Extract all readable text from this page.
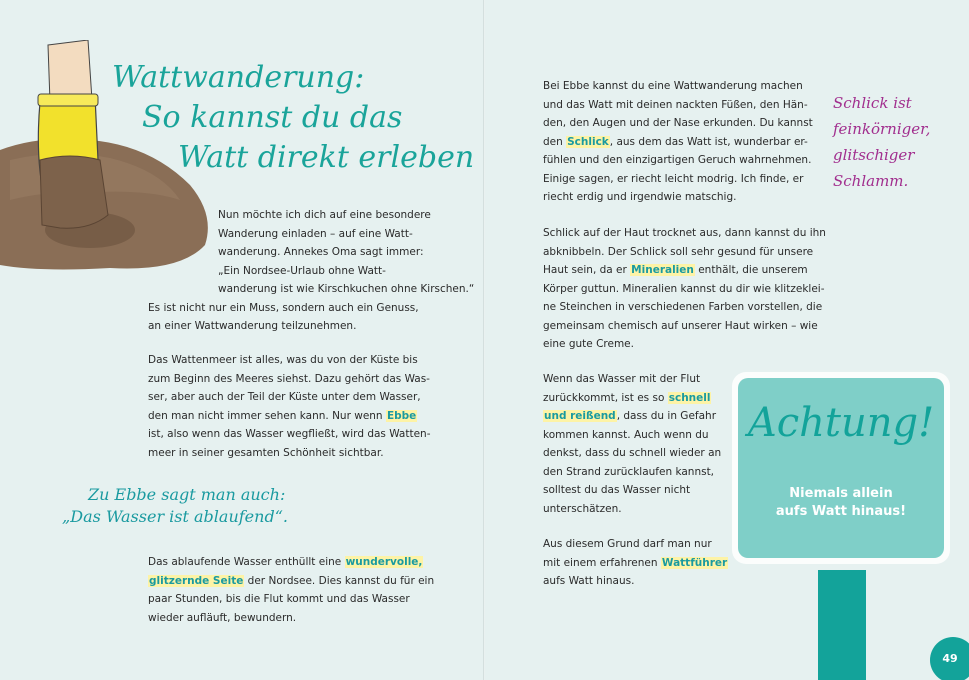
Wattwanderung:
So kannst du das
Watt direkt erleben
Nun möchte ich dich auf eine besondere
Wanderung einladen – auf eine Watt-
wanderung. Annekes Oma sagt immer:
„Ein Nordsee-Urlaub ohne Watt-
wanderung ist wie Kirschkuchen ohne Kirschen.“
Es ist nicht nur ein Muss, sondern auch ein Genuss,
an einer Wattwanderung teilzunehmen.
Das Wattenmeer ist alles, was du von der Küste bis
zum Beginn des Meeres siehst. Dazu gehört das Was-
ser, aber auch der Teil der Küste unter dem Wasser,
den man nicht immer sehen kann. Nur wenn Ebbe
ist, also wenn das Wasser wegfließt, wird das Watten-
meer in seiner gesamten Schönheit sichtbar.
Zu Ebbe sagt man auch:
„Das Wasser ist ablaufend“.
Das ablaufende Wasser enthüllt eine wundervolle,
glitzernde Seite der Nordsee. Dies kannst du für ein
paar Stunden, bis die Flut kommt und das Wasser
wieder aufläuft, bewundern.
Bei Ebbe kannst du eine Wattwanderung machen
und das Watt mit deinen nackten Füßen, den Hän-
den, den Augen und der Nase erkunden. Du kannst
den Schlick, aus dem das Watt ist, wunderbar er-
fühlen und den einzigartigen Geruch wahrnehmen.
Einige sagen, er riecht leicht modrig. Ich finde, er
riecht erdig und irgendwie matschig.
Schlick auf der Haut trocknet aus, dann kannst du ihn
abknibbeln. Der Schlick soll sehr gesund für unsere
Haut sein, da er Mineralien enthält, die unserem
Körper guttun. Mineralien kannst du dir wie klitzeklei-
ne Steinchen in verschiedenen Farben vorstellen, die
gemeinsam chemisch auf unserer Haut wirken – wie
eine gute Creme.
Wenn das Wasser mit der Flut
zurückkommt, ist es so schnell
und reißend, dass du in Gefahr
kommen kannst. Auch wenn du
denkst, dass du schnell wieder an
den Strand zurücklaufen kannst,
solltest du das Wasser nicht
unterschätzen.
Aus diesem Grund darf man nur
mit einem erfahrenen Wattführer
aufs Watt hinaus.
Schlick ist
feinkörniger,
glitschiger
Schlamm.
Achtung!
Niemals allein
aufs Watt hinaus!
49
